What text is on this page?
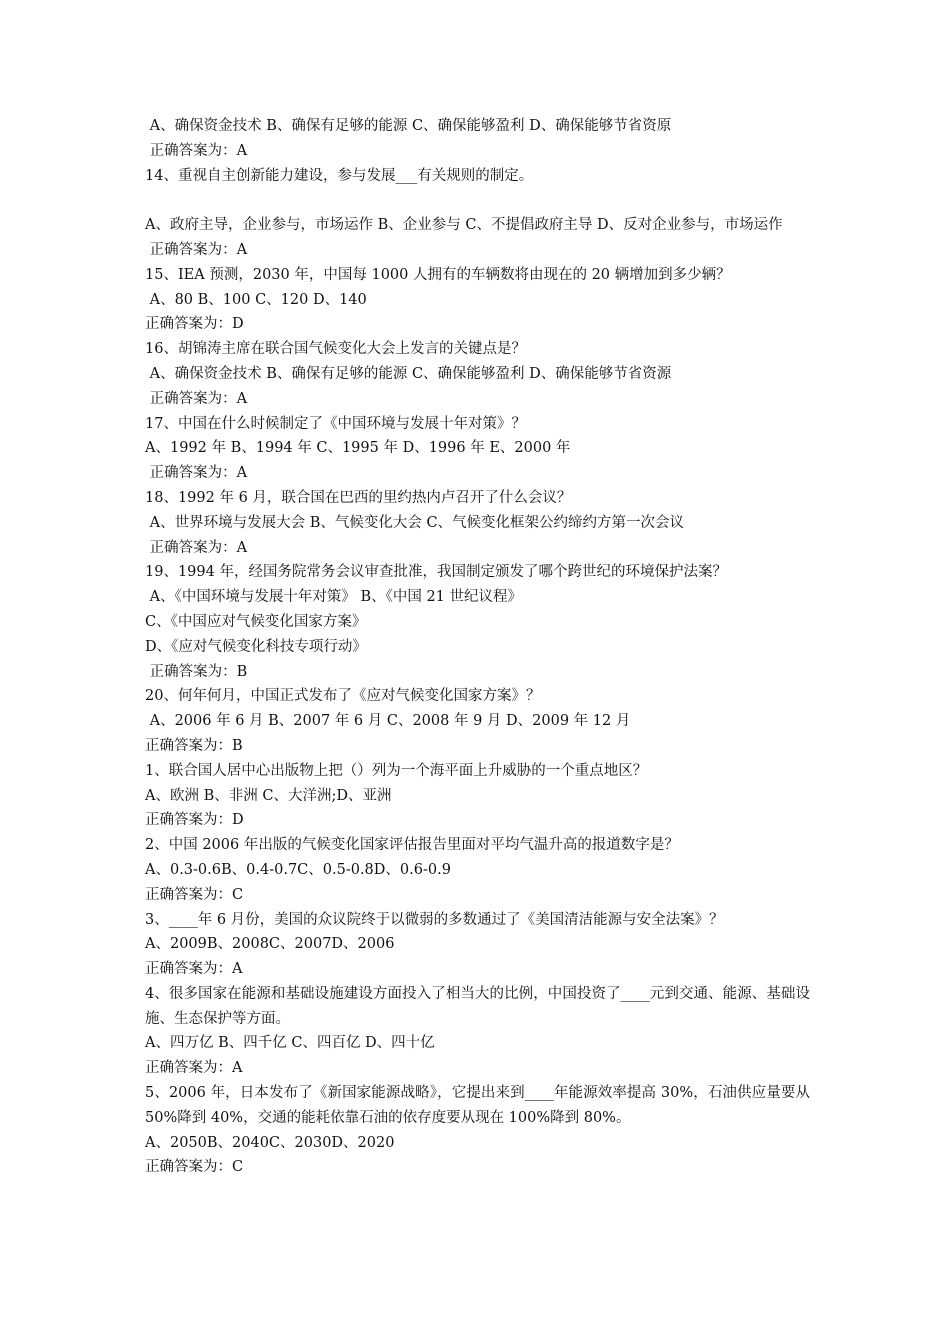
A、确保资金技术 B、确保有足够的能源 C、确保能够盈利 D、确保能够节省资原
正确答案为：A
14、重视自主创新能力建设，参与发展___有关规则的制定。
A、政府主导，企业参与，市场运作 B、企业参与 C、不提倡政府主导 D、反对企业参与，市场运作
正确答案为：A
15、IEA 预测，2030 年，中国每 1000 人拥有的车辆数将由现在的 20 辆增加到多少辆？
A、80 B、100 C、120 D、140
正确答案为：D
16、胡锦涛主席在联合国气候变化大会上发言的关键点是？
A、确保资金技术 B、确保有足够的能源 C、确保能够盈利 D、确保能够节省资源
正确答案为：A
17、中国在什么时候制定了《中国环境与发展十年对策》？
A、1992 年 B、1994 年 C、1995 年 D、1996 年 E、2000 年
正确答案为：A
18、1992 年 6 月，联合国在巴西的里约热内卢召开了什么会议？
A、世界环境与发展大会 B、气候变化大会 C、气候变化框架公约缔约方第一次会议
正确答案为：A
19、1994 年，经国务院常务会议审查批准，我国制定颁发了哪个跨世纪的环境保护法案？
A、《中国环境与发展十年对策》 B、《中国 21 世纪议程》
C、《中国应对气候变化国家方案》
D、《应对气候变化科技专项行动》
正确答案为：B
20、何年何月，中国正式发布了《应对气候变化国家方案》？
A、2006 年 6 月 B、2007 年 6 月 C、2008 年 9 月 D、2009 年 12 月
正确答案为：B
1、联合国人居中心出版物上把（）列为一个海平面上升威胁的一个重点地区？
A、欧洲 B、非洲 C、大洋洲;D、亚洲
正确答案为：D
2、中国 2006 年出版的气候变化国家评估报告里面对平均气温升高的报道数字是？
A、0.3-0.6B、0.4-0.7C、0.5-0.8D、0.6-0.9
正确答案为：C
3、____年 6 月份，美国的众议院终于以微弱的多数通过了《美国清洁能源与安全法案》？
A、2009B、2008C、2007D、2006
正确答案为：A
4、很多国家在能源和基础设施建设方面投入了相当大的比例，中国投资了____元到交通、能源、基础设施、生态保护等方面。
A、四万亿 B、四千亿 C、四百亿 D、四十亿
正确答案为：A
5、2006 年，日本发布了《新国家能源战略》，它提出来到____年能源效率提高 30%，石油供应量要从 50%降到 40%，交通的能耗依靠石油的依存度要从现在 100%降到 80%。
A、2050B、2040C、2030D、2020
正确答案为：C
